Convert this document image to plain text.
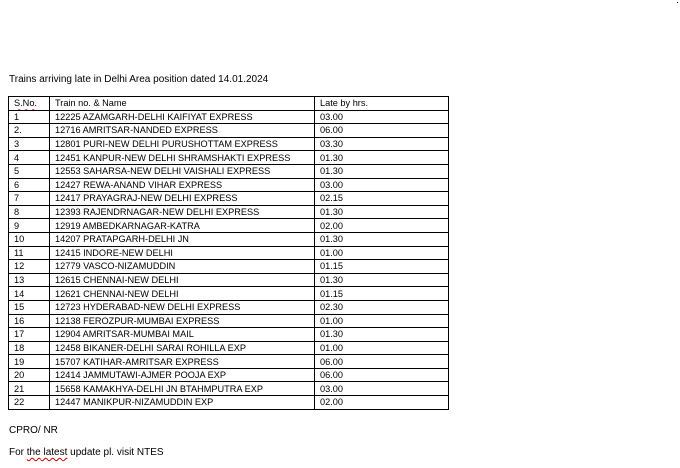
Trains arriving late in Delhi Area position dated 14.01.2024
S.No.	Train no. & Name	Late by hrs.
1	12225 AZAMGARH-DELHI KAIFIYAT EXPRESS	03.00
2.	12716 AMRITSAR-NANDED EXPRESS	06.00
3	12801 PURI-NEW DELHI PURUSHOTTAM EXPRESS	03.30
4	12451 KANPUR-NEW DELHI SHRAMSHAKTI EXPRESS	01.30
5	12553 SAHARSA-NEW DELHI VAISHALI EXPRESS	01.30
6	12427 REWA-ANAND VIHAR EXPRESS	03.00
7	12417 PRAYAGRAJ-NEW DELHI EXPRESS	02.15
8	12393 RAJENDRNAGAR-NEW DELHI EXPRESS	01.30
9	12919 AMBEDKARNAGAR-KATRA	02.00
10	14207 PRATAPGARH-DELHI JN	01.30
11	12415 INDORE-NEW DELHI	01.00
12	12779 VASCO-NIZAMUDDIN	01.15
13	12615 CHENNAI-NEW DELHI	01.30
14	12621 CHENNAI-NEW DELHI	01.15
15	12723 HYDERABAD-NEW DELHI EXPRESS	02.30
16	12138 FEROZPUR-MUMBAI EXPRESS	01.00
17	12904 AMRITSAR-MUMBAI MAIL	01.30
18	12458 BIKANER-DELHI SARAI ROHILLA EXP	01.00
19	15707 KATIHAR-AMRITSAR EXPRESS	06.00
20	12414 JAMMUTAWI-AJMER POOJA EXP	06.00
21	15658 KAMAKHYA-DELHI JN BTAHMPUTRA EXP	03.00
22	12447 MANIKPUR-NIZAMUDDIN EXP	02.00
CPRO/ NR
For the latest update pl. visit NTES
